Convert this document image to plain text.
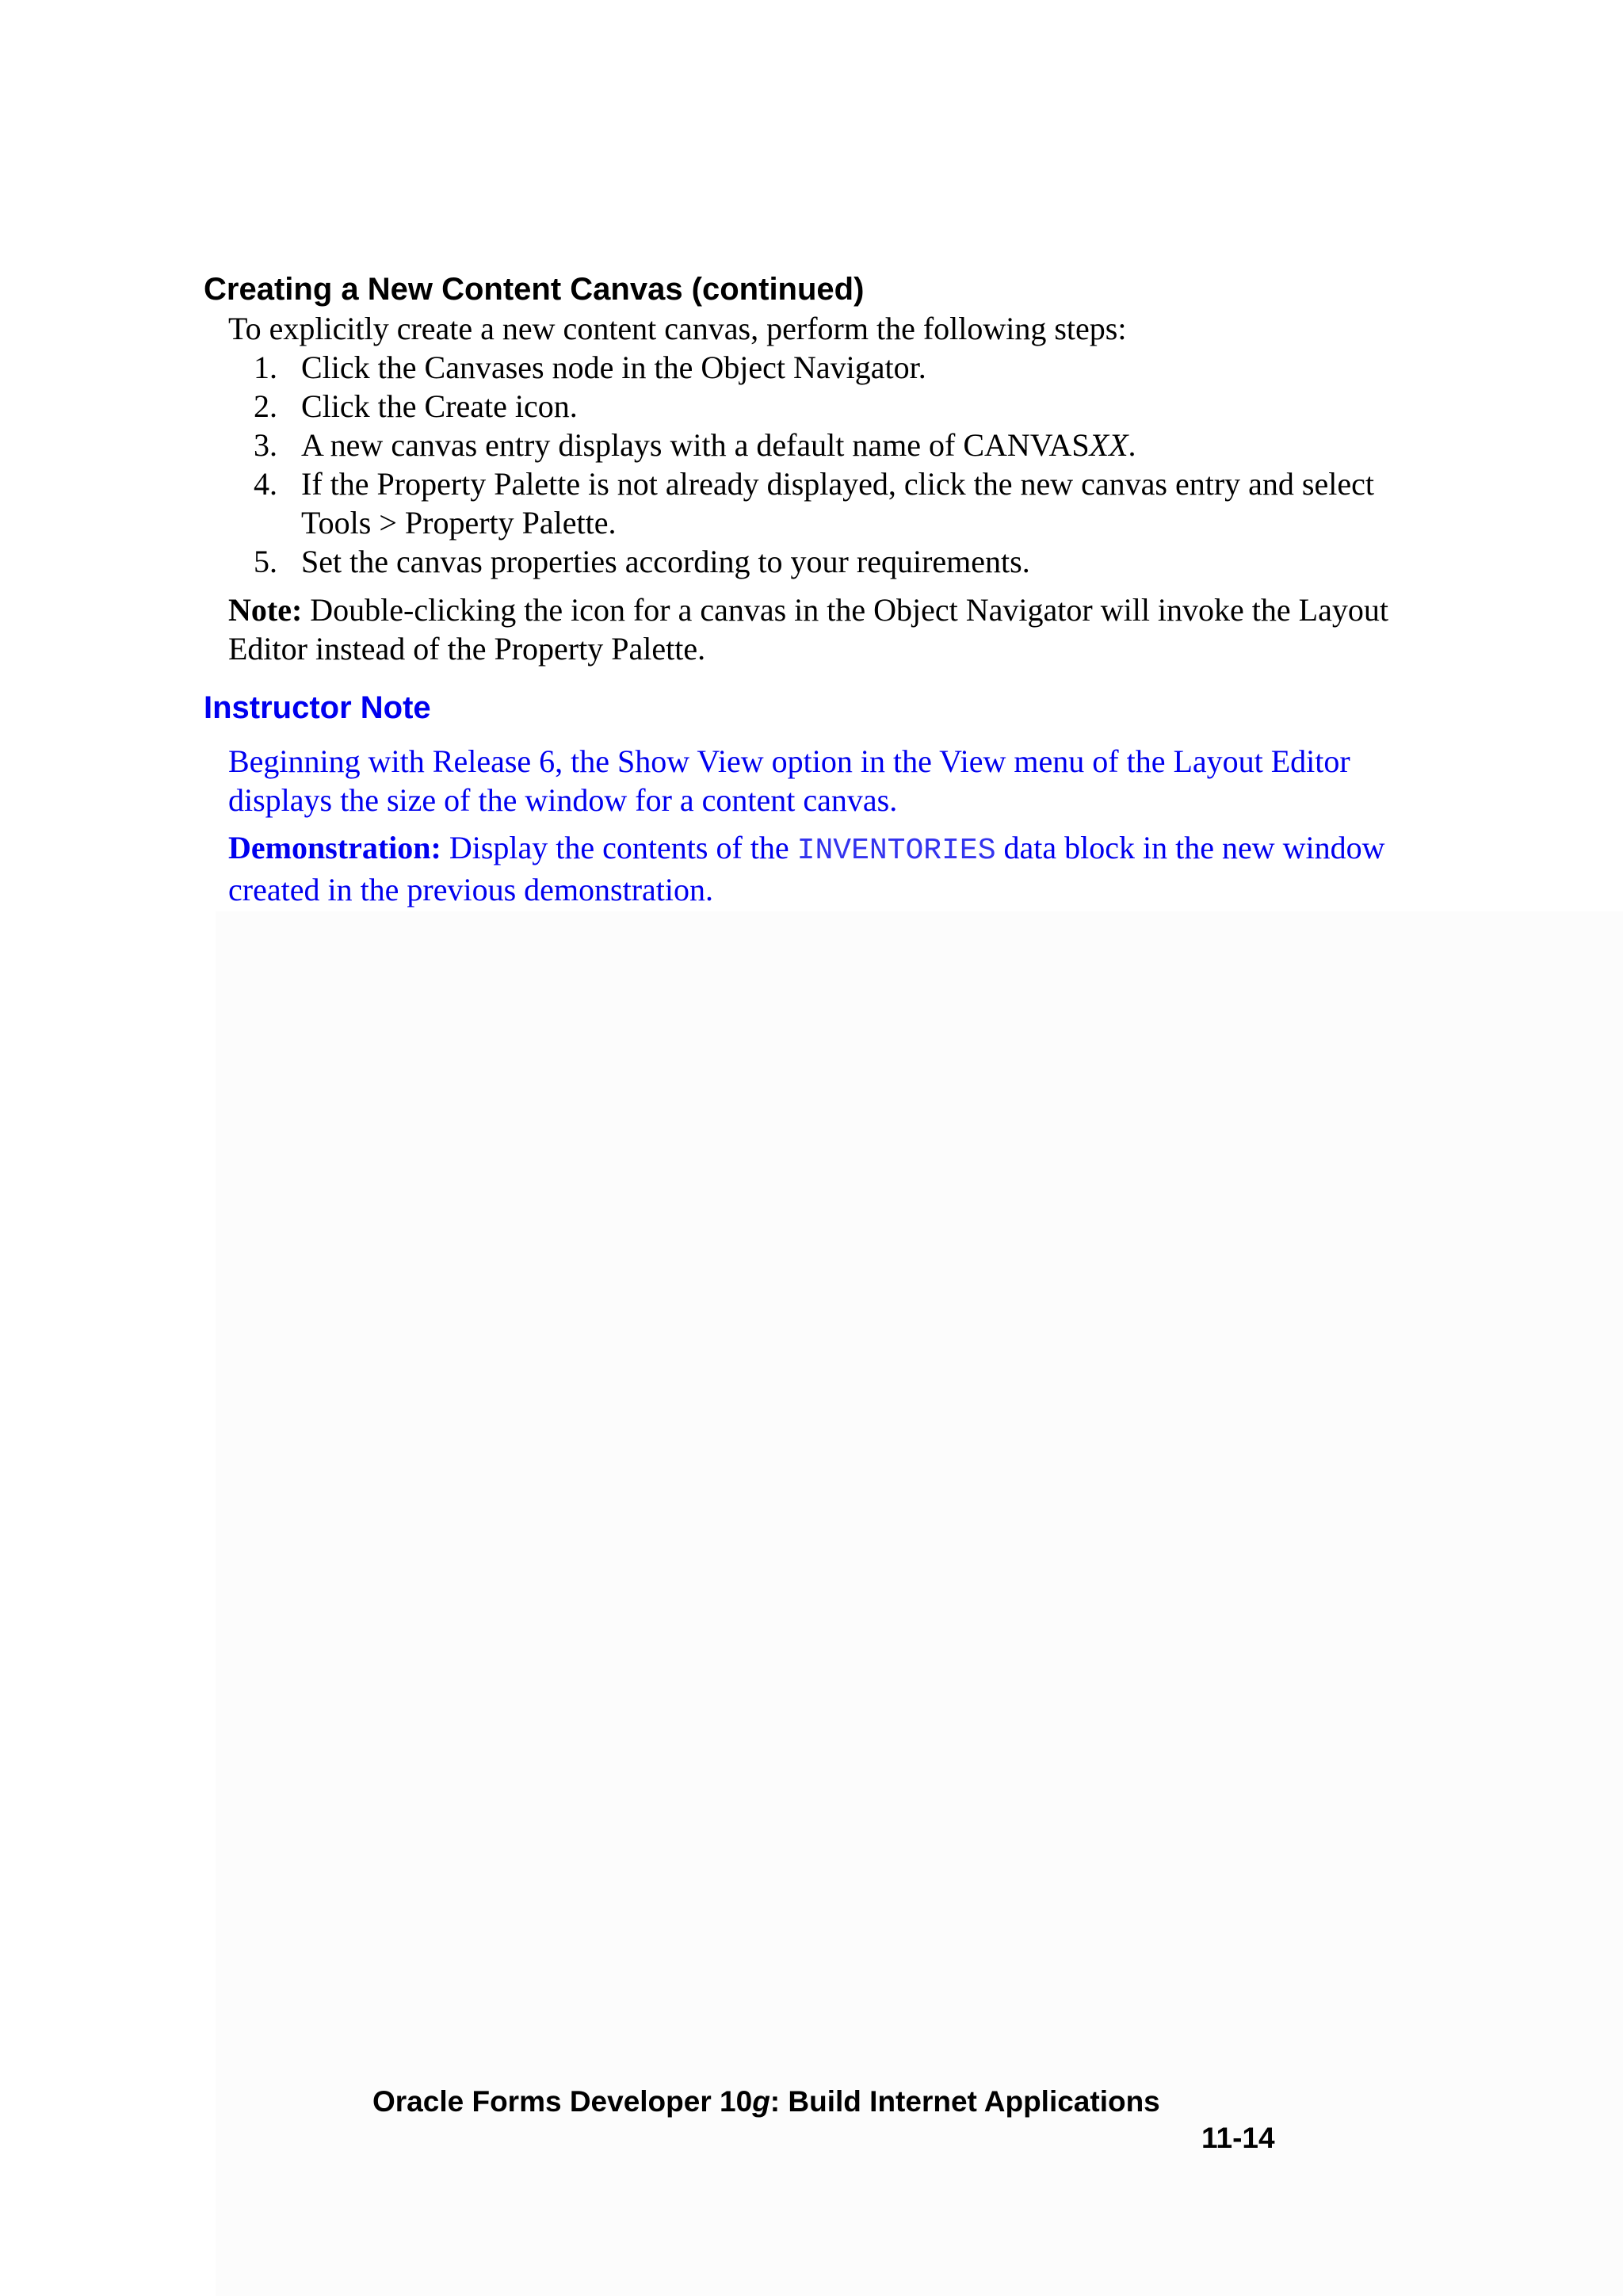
Creating a New Content Canvas (continued)

To explicitly create a new content canvas, perform the following steps:

1. Click the Canvases node in the Object Navigator.
2. Click the Create icon.
3. A new canvas entry displays with a default name of CANVASXX.
4. If the Property Palette is not already displayed, click the new canvas entry and select
Tools > Property Palette.
5. Set the canvas properties according to your requirements.

Note: Double-clicking the icon for a canvas in the Object Navigator will invoke the Layout Editor instead of the Property Palette.

Instructor Note

Beginning with Release 6, the Show View option in the View menu of the Layout Editor displays the size of the window for a content canvas.

Demonstration: Display the contents of the INVENTORIES data block in the new window created in the previous demonstration.

Oracle Forms Developer 10g: Build Internet Applications

11-14
